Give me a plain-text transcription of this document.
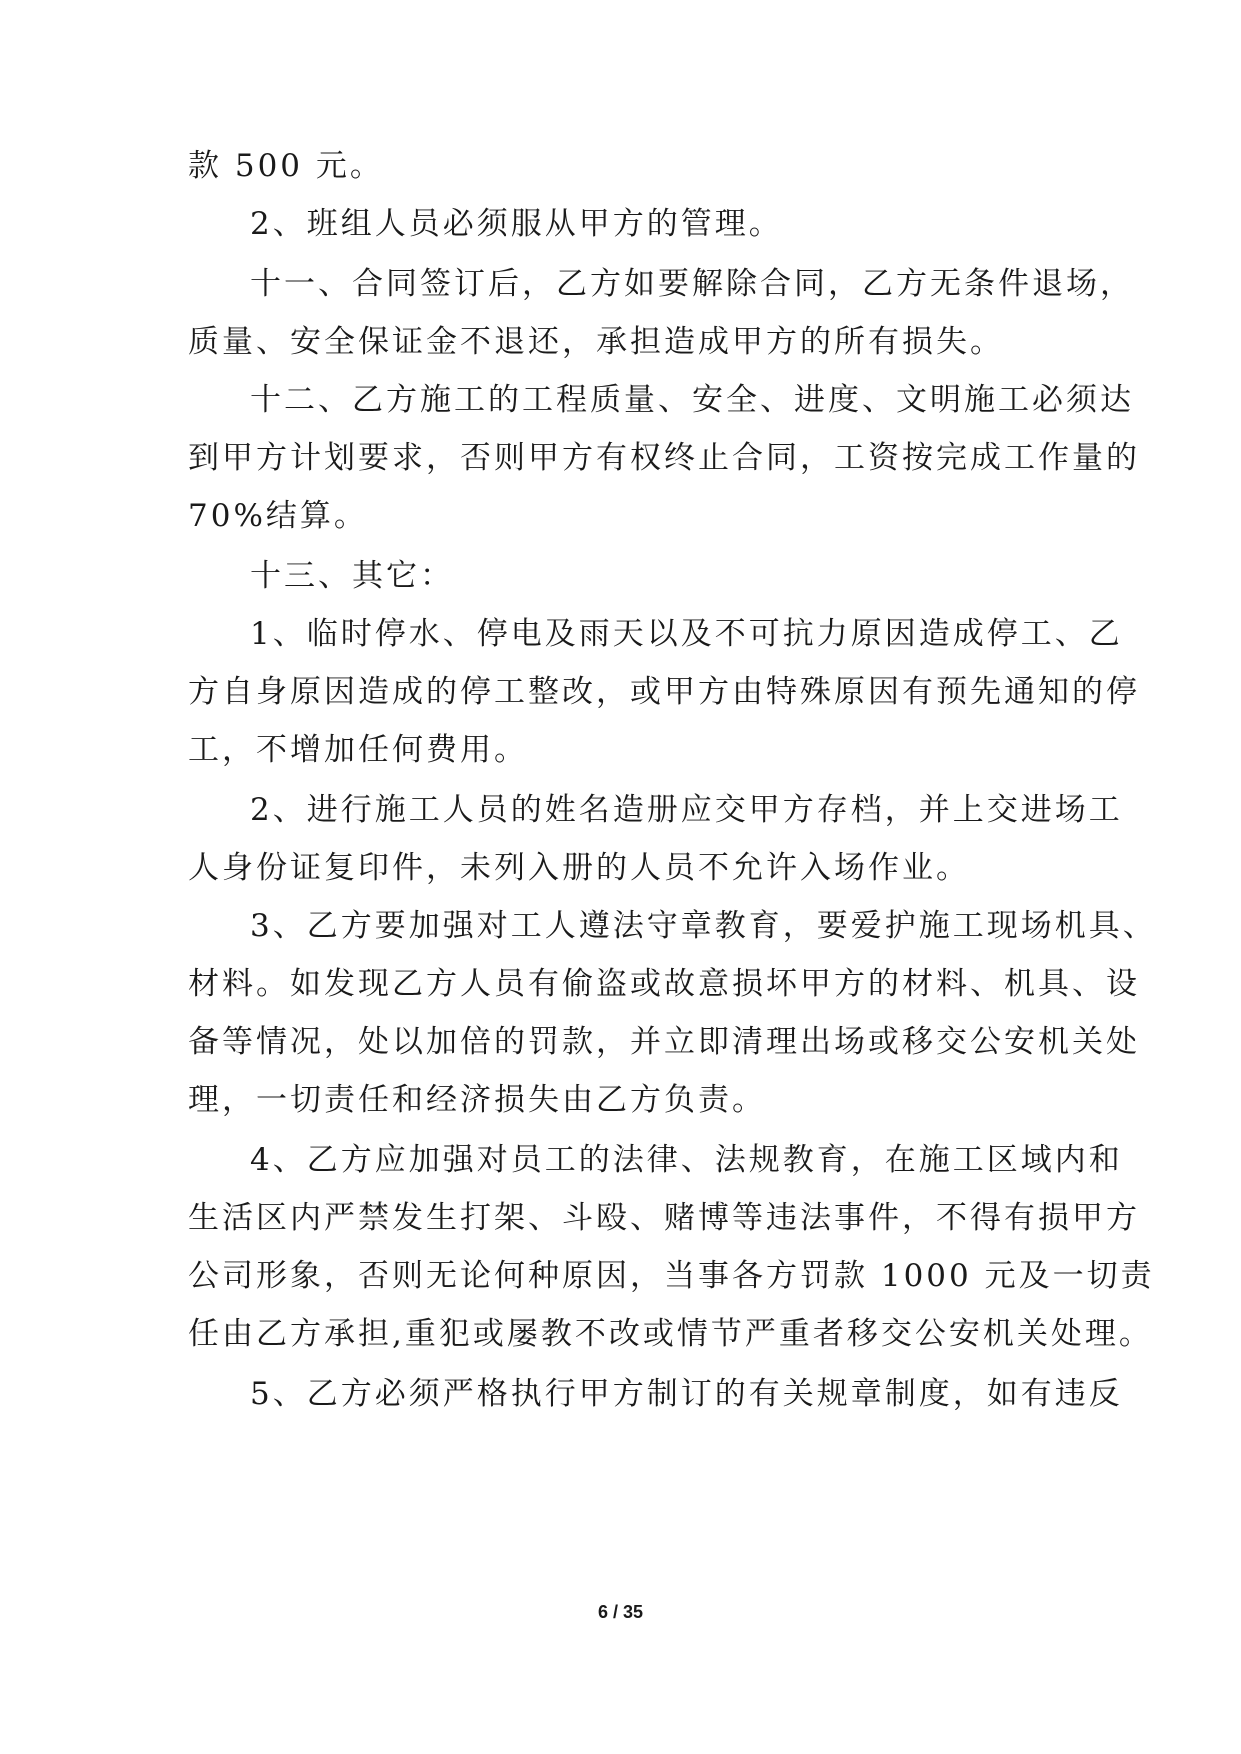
款 500 元。
2、班组人员必须服从甲方的管理。
十一、合同签订后，乙方如要解除合同，乙方无条件退场，
质量、安全保证金不退还，承担造成甲方的所有损失。
十二、乙方施工的工程质量、安全、进度、文明施工必须达
到甲方计划要求，否则甲方有权终止合同，工资按完成工作量的
70%结算。
十三、其它：
1、临时停水、停电及雨天以及不可抗力原因造成停工、乙
方自身原因造成的停工整改，或甲方由特殊原因有预先通知的停
工，不增加任何费用。
2、进行施工人员的姓名造册应交甲方存档，并上交进场工
人身份证复印件，未列入册的人员不允许入场作业。
3、乙方要加强对工人遵法守章教育，要爱护施工现场机具、
材料。如发现乙方人员有偷盗或故意损坏甲方的材料、机具、设
备等情况，处以加倍的罚款，并立即清理出场或移交公安机关处
理，一切责任和经济损失由乙方负责。
4、乙方应加强对员工的法律、法规教育，在施工区域内和
生活区内严禁发生打架、斗殴、赌博等违法事件，不得有损甲方
公司形象，否则无论何种原因，当事各方罚款 1000 元及一切责
任由乙方承担,重犯或屡教不改或情节严重者移交公安机关处理。
5、乙方必须严格执行甲方制订的有关规章制度，如有违反
6 / 35
